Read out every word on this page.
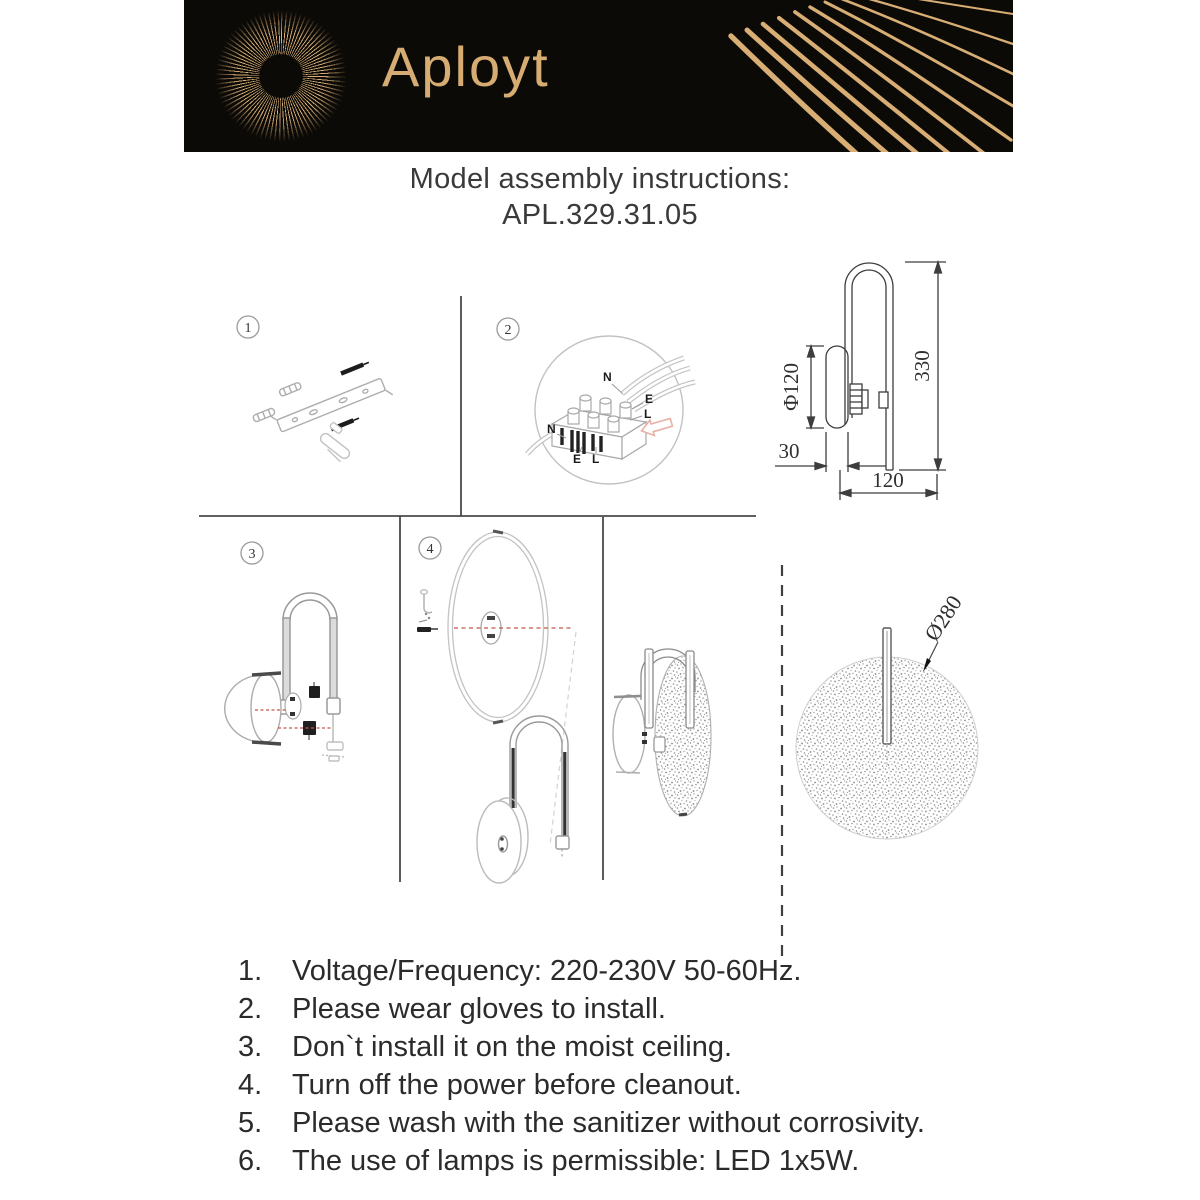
Aployt
Model assembly instructions:
APL.329.31.05
1	2
3	4
N
E
L
N
E L
330
Ф120
30
120
Ø280
1. Voltage/Frequency: 220-230V 50-60Hz.
2. Please wear gloves to install.
3. Don`t install it on the moist ceiling.
4. Turn off the power before cleanout.
5. Please wash with the sanitizer without corrosivity.
6. The use of lamps is permissible: LED 1x5W.
